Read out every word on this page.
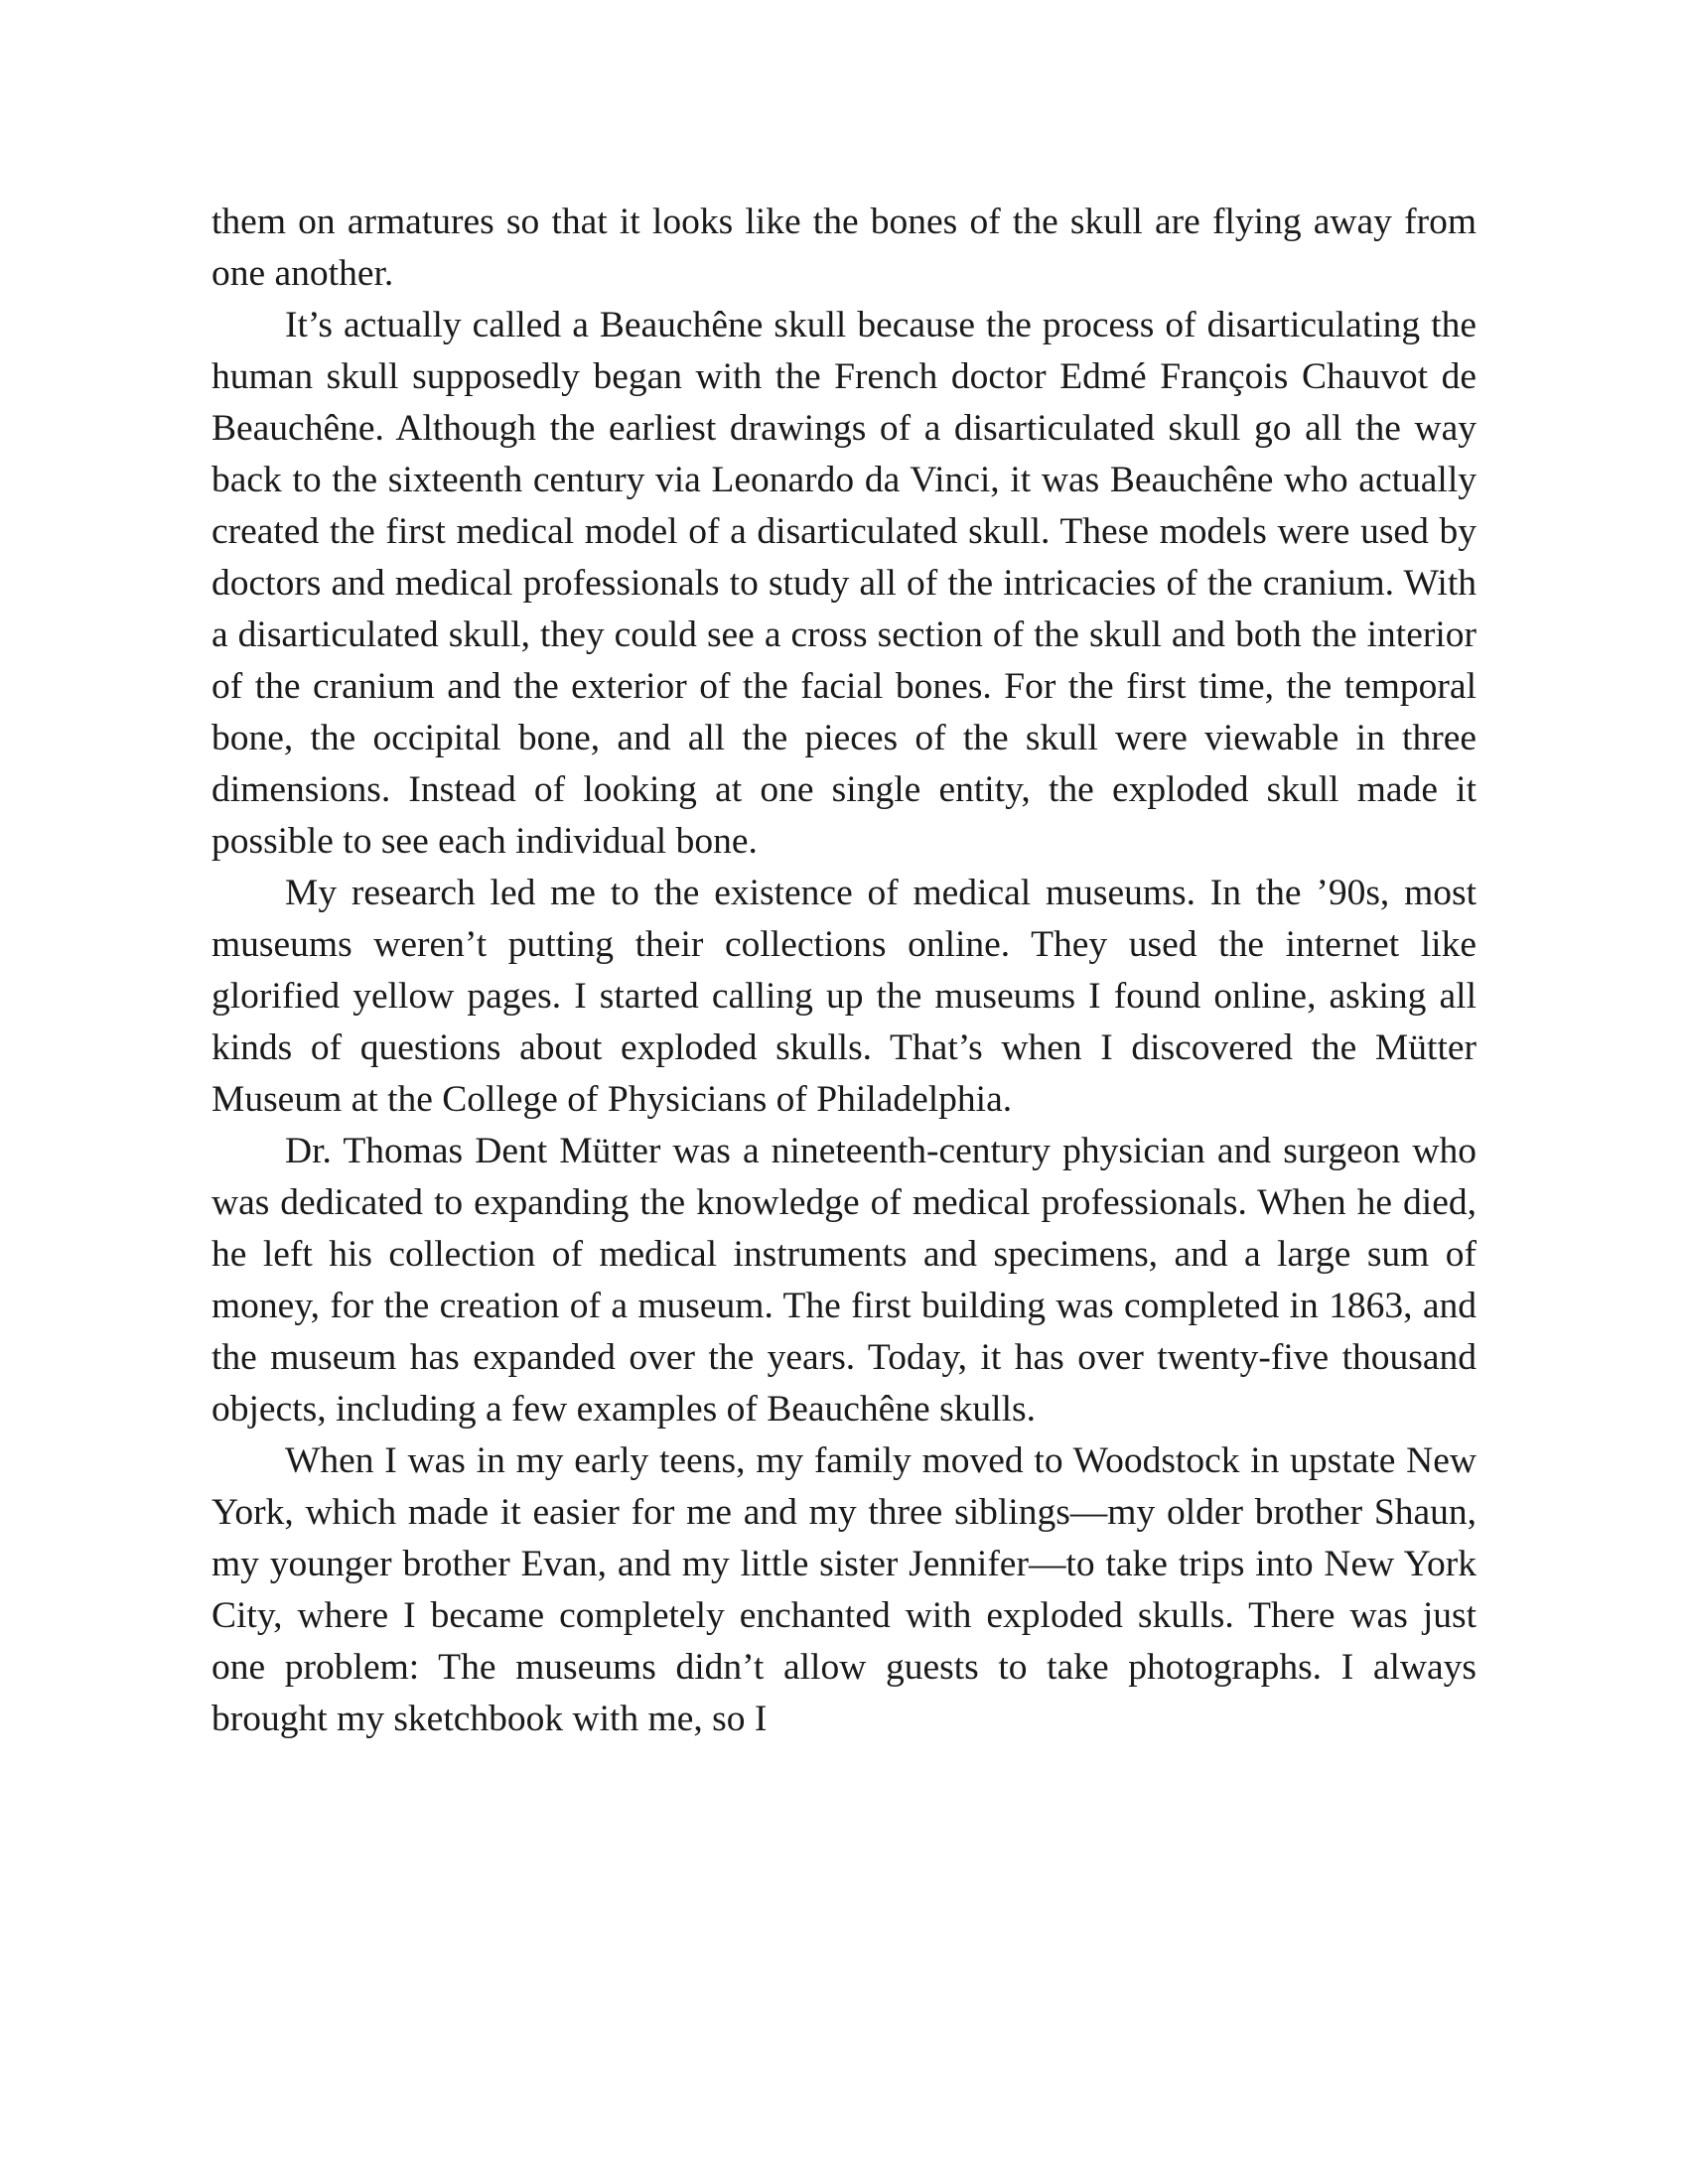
them on armatures so that it looks like the bones of the skull are flying away from one another.

It’s actually called a Beauchêne skull because the process of disarticulating the human skull supposedly began with the French doctor Edmé François Chauvot de Beauchêne. Although the earliest drawings of a disarticulated skull go all the way back to the sixteenth century via Leonardo da Vinci, it was Beauchêne who actually created the first medical model of a disarticulated skull. These models were used by doctors and medical professionals to study all of the intricacies of the cranium. With a disarticulated skull, they could see a cross section of the skull and both the interior of the cranium and the exterior of the facial bones. For the first time, the temporal bone, the occipital bone, and all the pieces of the skull were viewable in three dimensions. Instead of looking at one single entity, the exploded skull made it possible to see each individual bone.

My research led me to the existence of medical museums. In the ’90s, most museums weren’t putting their collections online. They used the internet like glorified yellow pages. I started calling up the museums I found online, asking all kinds of questions about exploded skulls. That’s when I discovered the Mütter Museum at the College of Physicians of Philadelphia.

Dr. Thomas Dent Mütter was a nineteenth-century physician and surgeon who was dedicated to expanding the knowledge of medical professionals. When he died, he left his collection of medical instruments and specimens, and a large sum of money, for the creation of a museum. The first building was completed in 1863, and the museum has expanded over the years. Today, it has over twenty-five thousand objects, including a few examples of Beauchêne skulls.

When I was in my early teens, my family moved to Woodstock in upstate New York, which made it easier for me and my three siblings—my older brother Shaun, my younger brother Evan, and my little sister Jennifer—to take trips into New York City, where I became completely enchanted with exploded skulls. There was just one problem: The museums didn’t allow guests to take photographs. I always brought my sketchbook with me, so I
